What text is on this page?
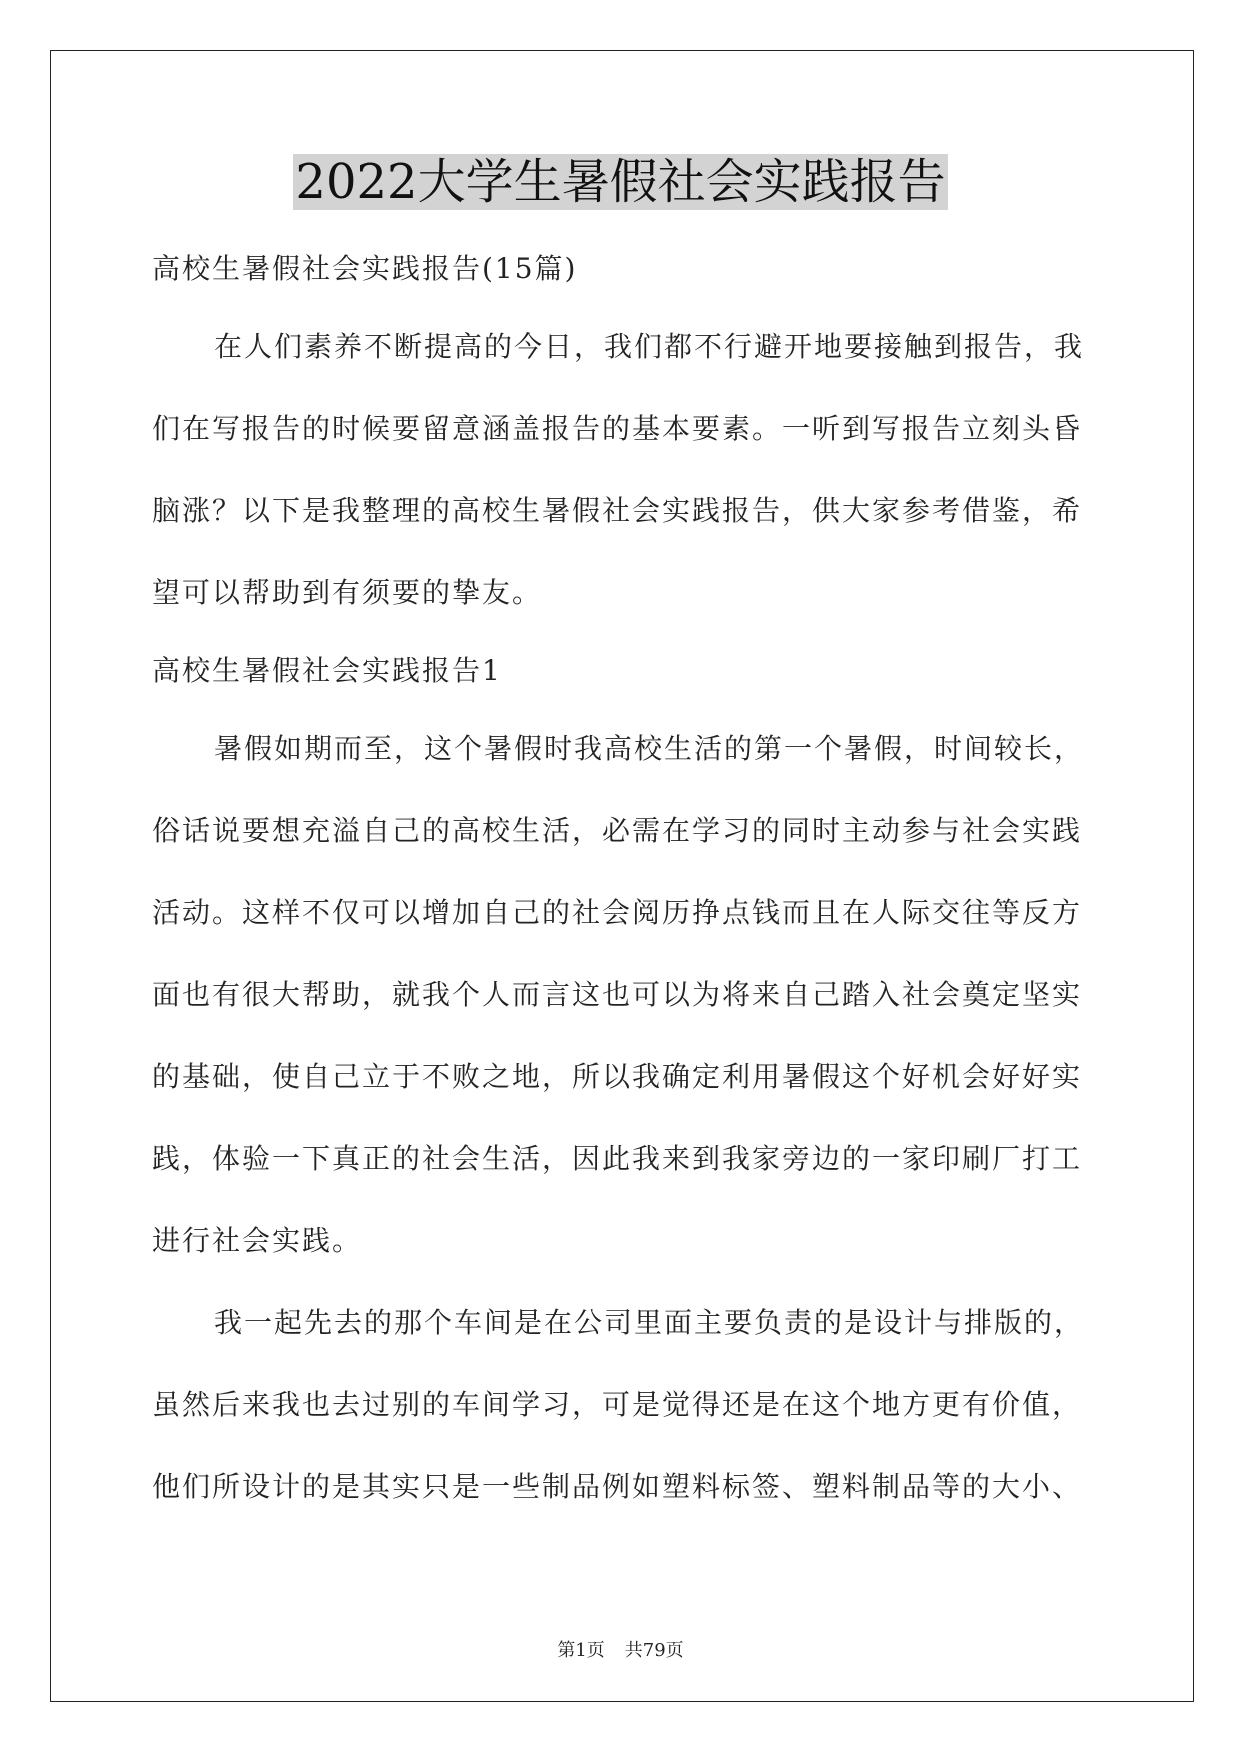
2022大学生暑假社会实践报告

高校生暑假社会实践报告(15篇)

在人们素养不断提高的今日，我们都不行避开地要接触到报告，我们在写报告的时候要留意涵盖报告的基本要素。一听到写报告立刻头昏脑涨？以下是我整理的高校生暑假社会实践报告，供大家参考借鉴，希望可以帮助到有须要的挚友。

高校生暑假社会实践报告1

暑假如期而至，这个暑假时我高校生活的第一个暑假，时间较长，俗话说要想充溢自己的高校生活，必需在学习的同时主动参与社会实践活动。这样不仅可以增加自己的社会阅历挣点钱而且在人际交往等反方面也有很大帮助，就我个人而言这也可以为将来自己踏入社会奠定坚实的基础，使自己立于不败之地，所以我确定利用暑假这个好机会好好实践，体验一下真正的社会生活，因此我来到我家旁边的一家印刷厂打工进行社会实践。

我一起先去的那个车间是在公司里面主要负责的是设计与排版的，虽然后来我也去过别的车间学习，可是觉得还是在这个地方更有价值，他们所设计的是其实只是一些制品例如塑料标签、塑料制品等的大小、

第1页 共79页
